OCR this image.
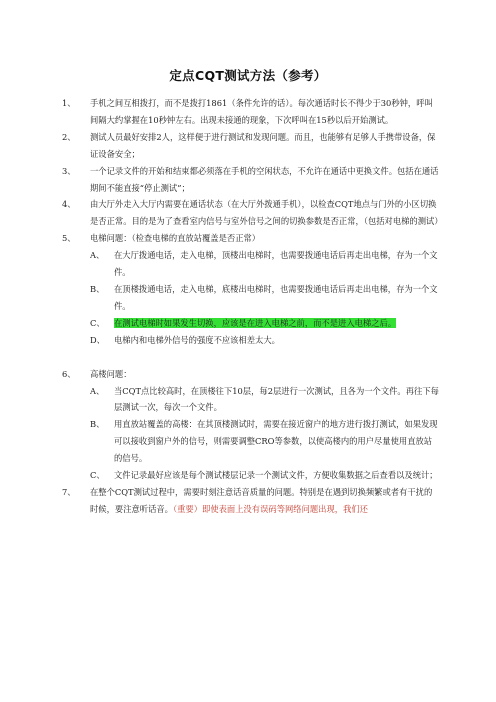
定点CQT测试方法（参考）
1、	手机之间互相拨打，而不是拨打1861（条件允许的话）。每次通话时长不得少于30秒钟，呼叫间隔大约掌握在10秒钟左右。出现未接通的现象，下次呼叫在15秒以后开始测试。
2、	测试人员最好安排2人，这样便于进行测试和发现问题。而且，也能够有足够人手携带设备，保证设备安全；
3、	一个记录文件的开始和结束都必须落在手机的空闲状态，不允许在通话中更换文件。包括在通话期间不能直接“停止测试”；
4、	由大厅外走入大厅内需要在通话状态（在大厅外拨通手机），以检查CQT地点与门外的小区切换是否正常。目的是为了查看室内信号与室外信号之间的切换参数是否正常，（包括对电梯的测试）
5、	电梯问题：（检查电梯的直放站覆盖是否正常）
A、	在大厅拨通电话，走入电梯，顶楼出电梯时，也需要拨通电话后再走出电梯，存为一个文件。
B、	在顶楼拨通电话，走入电梯，底楼出电梯时，也需要拨通电话后再走出电梯，存为一个文件。
C、	在测试电梯时如果发生切换，应该是在进入电梯之前，而不是进入电梯之后。
D、	电梯内和电梯外信号的强度不应该相差太大。
6、	高楼问题：
A、	当CQT点比较高时，在顶楼往下10层，每2层进行一次测试，且各为一个文件。再往下每层测试一次，每次一个文件。
B、	用直放站覆盖的高楼：在其顶楼测试时，需要在接近窗户的地方进行拨打测试，如果发现可以接收到窗户外的信号，则需要调整CRO等参数，以使高楼内的用户尽量使用直放站的信号。
C、	文件记录最好应该是每个测试楼层记录一个测试文件，方便收集数据之后查看以及统计；
7、	在整个CQT测试过程中，需要时刻注意话音质量的问题。特别是在遇到切换频繁或者有干扰的时候，要注意听话音。（重要）即使表面上没有误码等网络问题出现，我们还
